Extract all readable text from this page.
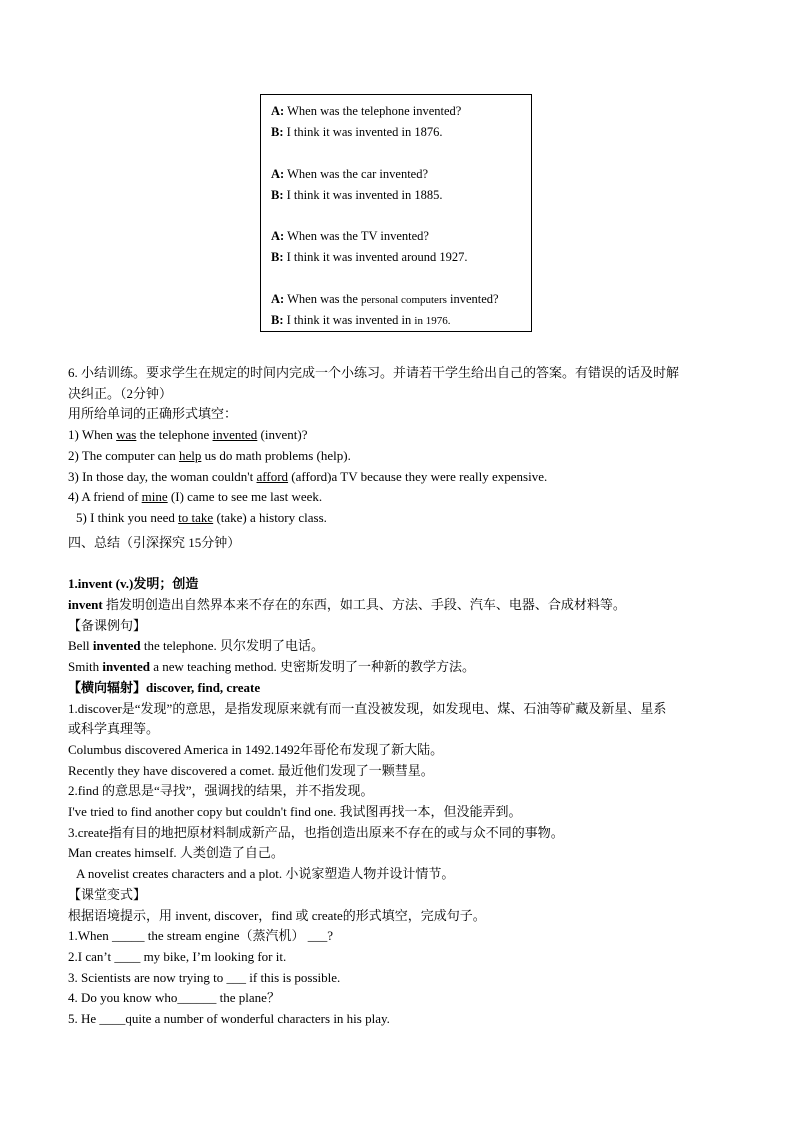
A: When was the telephone invented?
B: I think it was invented in 1876.
A: When was the car invented?
B: I think it was invented in 1885.
A: When was the TV invented?
B: I think it was invented around 1927.
A: When was the personal computers invented?
B: I think it was invented in in 1976.
6. 小结训练。要求学生在规定的时间内完成一个小练习。并请若干学生给出自己的答案。有错误的话及时解
决纠正。（2分钟）
用所给单词的正确形式填空：
1) When was the telephone invented (invent)?
2) The computer can help us do math problems (help).
3) In those day, the woman couldn't afford (afford)a TV because they were really expensive.
4) A friend of mine (I) came to see me last week.
5) I think you need to take (take) a history class.
四、总结（引深探究 15分钟）
1.invent (v.)发明；创造
invent 指发明创造出自然界本来不存在的东西，如工具、方法、手段、汽车、电器、合成材料等。
【备课例句】
Bell invented the telephone. 贝尔发明了电话。
Smith invented a new teaching method. 史密斯发明了一种新的教学方法。
【横向辐射】discover, find, create
1.discover是“发现”的意思，是指发现原来就有而一直没被发现，如发现电、煤、石油等矿藏及新星、星系
或科学真理等。
Columbus discovered America in 1492.1492年哥伦布发现了新大陆。
Recently they have discovered a comet. 最近他们发现了一颗彗星。
2.find 的意思是“寻找”，强调找的结果，并不指发现。
I've tried to find another copy but couldn't find one. 我试图再找一本，但没能弄到。
3.create指有目的地把原材料制成新产品，也指创造出原来不存在的或与众不同的事物。
Man creates himself. 人类创造了自己。
A novelist creates characters and a plot. 小说家塑造人物并设计情节。
【课堂变式】
根据语境提示，用 invent, discover，find 或 create的形式填空，完成句子。
1.When _____ the stream engine（蒸汽机） ___?
2.I can’t ____ my bike, I’m looking for it.
3. Scientists are now trying to ___ if this is possible.
4. Do you know who______ the plane？
5. He ____quite a number of wonderful characters in his play.
